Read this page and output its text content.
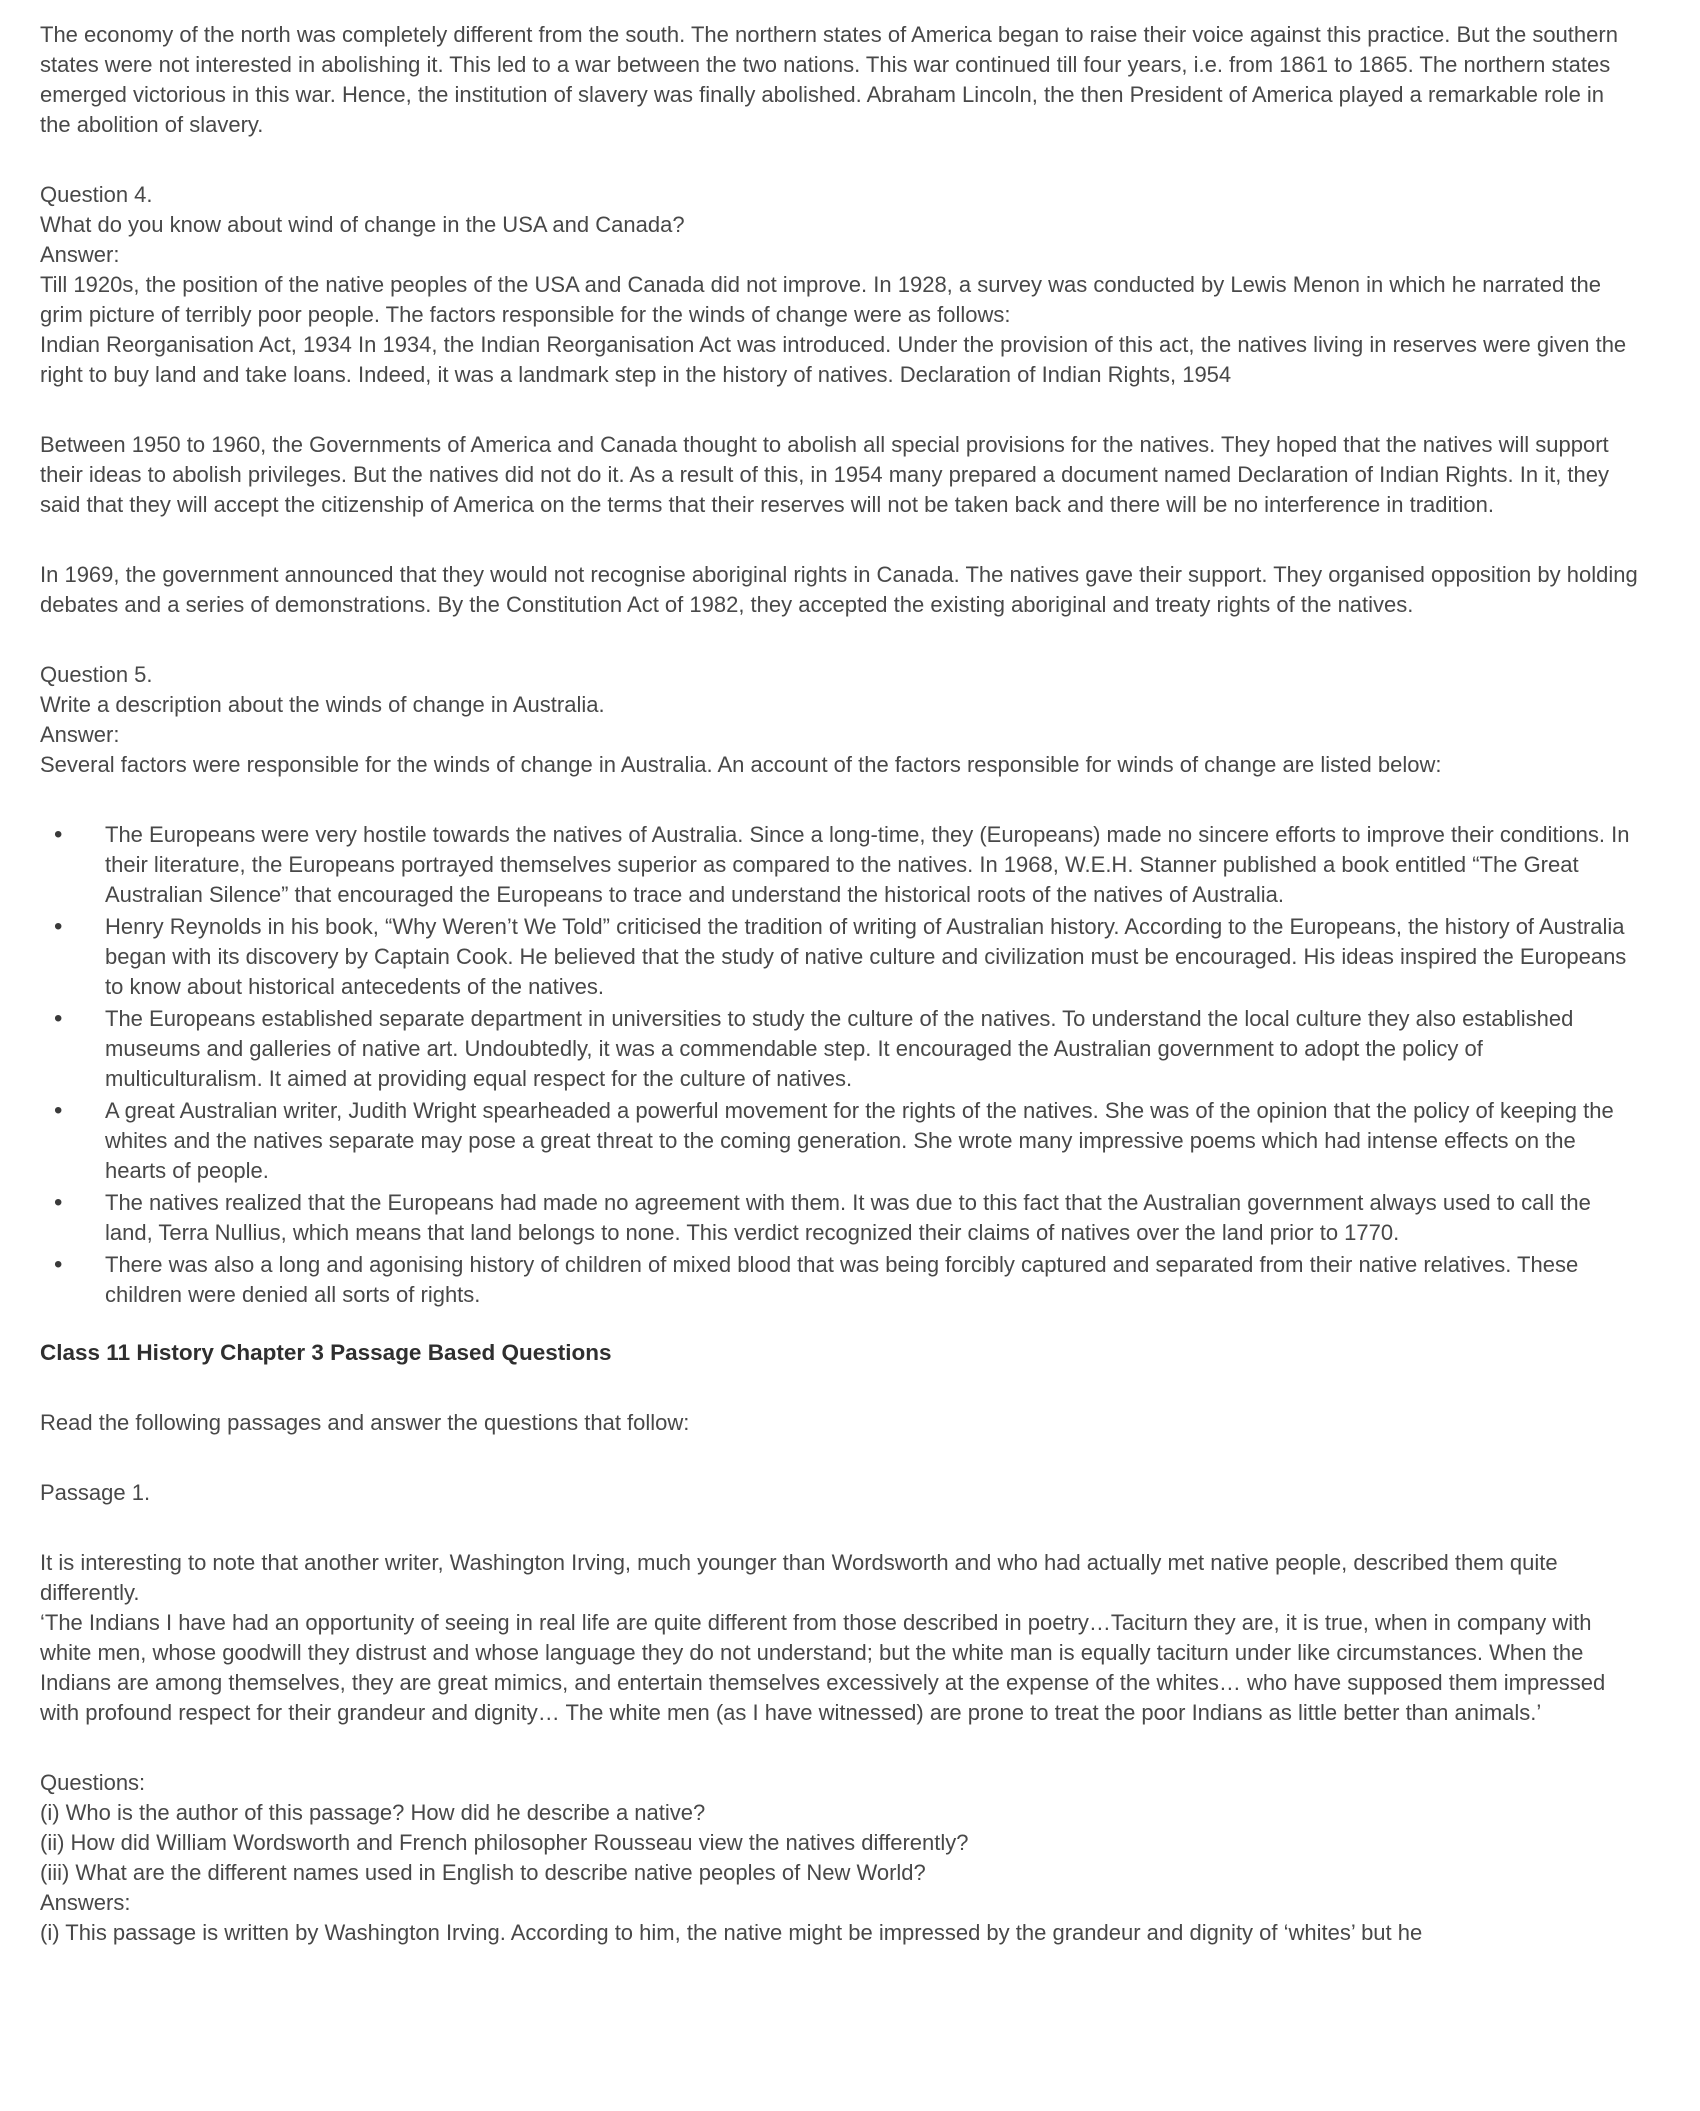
The economy of the north was completely different from the south. The northern states of America began to raise their voice against this practice. But the southern states were not interested in abolishing it. This led to a war between the two nations. This war continued till four years, i.e. from 1861 to 1865. The northern states emerged victorious in this war. Hence, the institution of slavery was finally abolished. Abraham Lincoln, the then President of America played a remarkable role in the abolition of slavery.
Question 4.
What do you know about wind of change in the USA and Canada?
Answer:
Till 1920s, the position of the native peoples of the USA and Canada did not improve. In 1928, a survey was conducted by Lewis Menon in which he narrated the grim picture of terribly poor people. The factors responsible for the winds of change were as follows:
Indian Reorganisation Act, 1934 In 1934, the Indian Reorganisation Act was introduced. Under the provision of this act, the natives living in reserves were given the right to buy land and take loans. Indeed, it was a landmark step in the history of natives. Declaration of Indian Rights, 1954
Between 1950 to 1960, the Governments of America and Canada thought to abolish all special provisions for the natives. They hoped that the natives will support their ideas to abolish privileges. But the natives did not do it. As a result of this, in 1954 many prepared a document named Declaration of Indian Rights. In it, they said that they will accept the citizenship of America on the terms that their reserves will not be taken back and there will be no interference in tradition.
In 1969, the government announced that they would not recognise aboriginal rights in Canada. The natives gave their support. They organised opposition by holding debates and a series of demonstrations. By the Constitution Act of 1982, they accepted the existing aboriginal and treaty rights of the natives.
Question 5.
Write a description about the winds of change in Australia.
Answer:
Several factors were responsible for the winds of change in Australia. An account of the factors responsible for winds of change are listed below:
• The Europeans were very hostile towards the natives of Australia. Since a long-time, they (Europeans) made no sincere efforts to improve their conditions. In their literature, the Europeans portrayed themselves superior as compared to the natives. In 1968, W.E.H. Stanner published a book entitled “The Great Australian Silence” that encouraged the Europeans to trace and understand the historical roots of the natives of Australia.
• Henry Reynolds in his book, “Why Weren’t We Told” criticised the tradition of writing of Australian history. According to the Europeans, the history of Australia began with its discovery by Captain Cook. He believed that the study of native culture and civilization must be encouraged. His ideas inspired the Europeans to know about historical antecedents of the natives.
• The Europeans established separate department in universities to study the culture of the natives. To understand the local culture they also established museums and galleries of native art. Undoubtedly, it was a commendable step. It encouraged the Australian government to adopt the policy of multiculturalism. It aimed at providing equal respect for the culture of natives.
• A great Australian writer, Judith Wright spearheaded a powerful movement for the rights of the natives. She was of the opinion that the policy of keeping the whites and the natives separate may pose a great threat to the coming generation. She wrote many impressive poems which had intense effects on the hearts of people.
• The natives realized that the Europeans had made no agreement with them. It was due to this fact that the Australian government always used to call the land, Terra Nullius, which means that land belongs to none. This verdict recognized their claims of natives over the land prior to 1770.
• There was also a long and agonising history of children of mixed blood that was being forcibly captured and separated from their native relatives. These children were denied all sorts of rights.
Class 11 History Chapter 3 Passage Based Questions
Read the following passages and answer the questions that follow:
Passage 1.
It is interesting to note that another writer, Washington Irving, much younger than Wordsworth and who had actually met native people, described them quite differently.
‘The Indians I have had an opportunity of seeing in real life are quite different from those described in poetry…Taciturn they are, it is true, when in company with white men, whose goodwill they distrust and whose language they do not understand; but the white man is equally taciturn under like circumstances. When the Indians are among themselves, they are great mimics, and entertain themselves excessively at the expense of the whites… who have supposed them impressed with profound respect for their grandeur and dignity… The white men (as I have witnessed) are prone to treat the poor Indians as little better than animals.’
Questions:
(i) Who is the author of this passage? How did he describe a native?
(ii) How did William Wordsworth and French philosopher Rousseau view the natives differently?
(iii) What are the different names used in English to describe native peoples of New World?
Answers:
(i) This passage is written by Washington Irving. According to him, the native might be impressed by the grandeur and dignity of ‘whites’ but he
